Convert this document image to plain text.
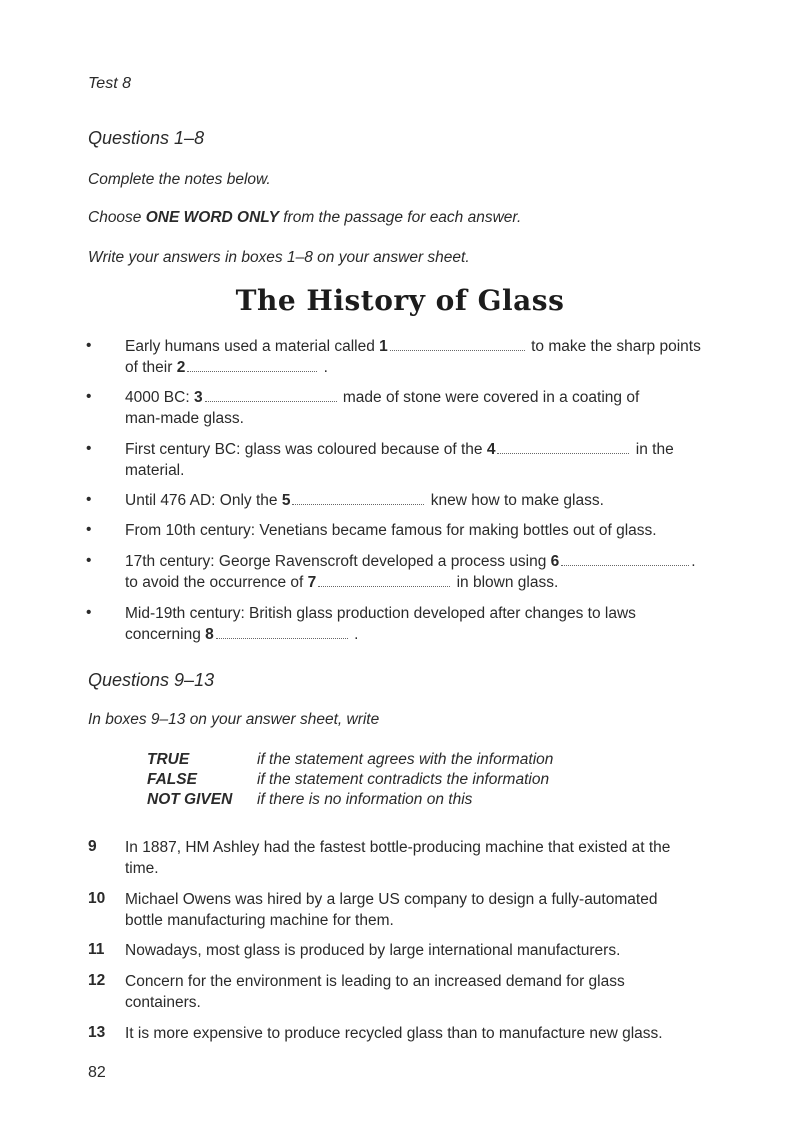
Test 8
Questions 1–8
Complete the notes below.
Choose ONE WORD ONLY from the passage for each answer.
Write your answers in boxes 1–8 on your answer sheet.
The History of Glass
• Early humans used a material called 1	to make the sharp points
of their 2	.
• 4000 BC: 3	made of stone were covered in a coating of
man-made glass.
• First century BC: glass was coloured because of the 4	in the
material.
• Until 476 AD: Only the 5	knew how to make glass.
• From 10th century: Venetians became famous for making bottles out of glass.
• 17th century: George Ravenscroft developed a process using 6	.
to avoid the occurrence of 7	in blown glass.
• Mid-19th century: British glass production developed after changes to laws
concerning 8	.
Questions 9–13
In boxes 9–13 on your answer sheet, write
TRUE	if the statement agrees with the information
FALSE	if the statement contradicts the information
NOT GIVEN if there is no information on this
9 In 1887, HM Ashley had the fastest bottle-producing machine that existed at the
time.
10 Michael Owens was hired by a large US company to design a fully-automated
bottle manufacturing machine for them.
11 Nowadays, most glass is produced by large international manufacturers.
12 Concern for the environment is leading to an increased demand for glass
containers.
13 It is more expensive to produce recycled glass than to manufacture new glass.
82
